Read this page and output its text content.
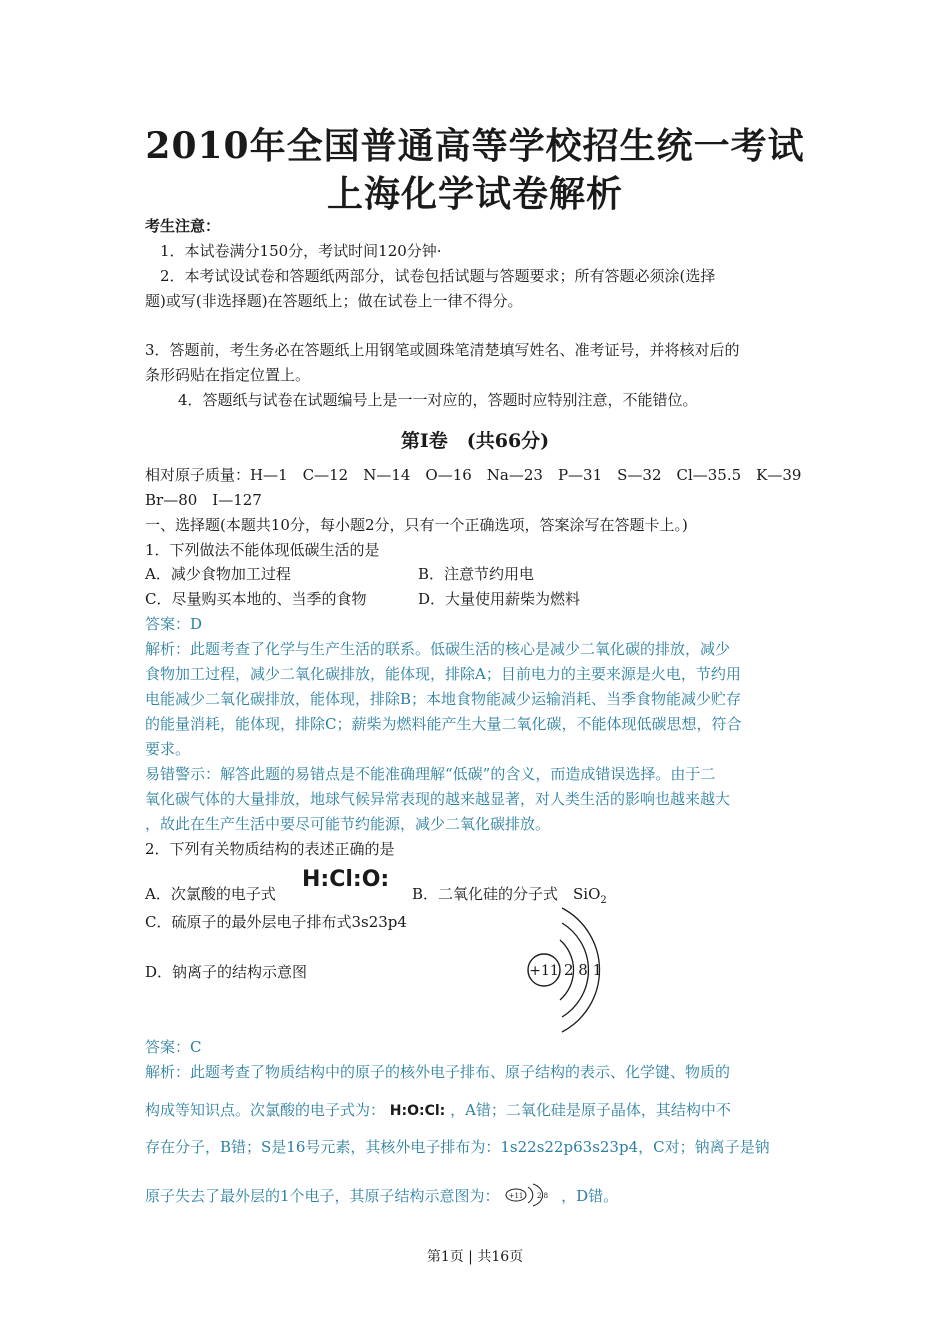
2010年全国普通高等学校招生统一考试
上海化学试卷解析
考生注意：
1．本试卷满分150分，考试时间120分钟·
2．本考试设试卷和答题纸两部分，试卷包括试题与答题要求；所有答题必须涂(选择
题)或写(非选择题)在答题纸上；做在试卷上一律不得分。
3．答题前，考生务必在答题纸上用钢笔或圆珠笔清楚填写姓名、准考证号，并将核对后的
条形码贴在指定位置上。
4．答题纸与试卷在试题编号上是一一对应的，答题时应特别注意，不能错位。
第Ⅰ卷　(共66分)
相对原子质量：H—1　C—12　N—14　O—16　Na—23　P—31　S—32　Cl—35.5　K—39
Br—80　I—127
一、选择题(本题共10分，每小题2分，只有一个正确选项，答案涂写在答题卡上。)
1．下列做法不能体现低碳生活的是
A．减少食物加工过程	B．注意节约用电
C．尽量购买本地的、当季的食物	D．大量使用薪柴为燃料
答案：D
解析：此题考查了化学与生产生活的联系。低碳生活的核心是减少二氧化碳的排放，减少
食物加工过程，减少二氧化碳排放，能体现，排除A；目前电力的主要来源是火电，节约用
电能减少二氧化碳排放，能体现，排除B；本地食物能减少运输消耗、当季食物能减少贮存
的能量消耗，能体现，排除C；薪柴为燃料能产生大量二氧化碳，不能体现低碳思想，符合
要求。
易错警示：解答此题的易错点是不能准确理解“低碳”的含义，而造成错误选择。由于二
氧化碳气体的大量排放，地球气候异常表现的越来越显著，对人类生活的影响也越来越大
，故此在生产生活中要尽可能节约能源，减少二氧化碳排放。
2．下列有关物质结构的表述正确的是
A．次氯酸的电子式
H:Cl:O:
B．二氧化硅的分子式　SiO$_2$
C．硫原子的最外层电子排布式3s23p4
D．钠离子的结构示意图	+11 2 8 1
答案：C
解析：此题考查了物质结构中的原子的核外电子排布、原子结构的表示、化学键、物质的
构成等知识点。次氯酸的电子式为： H:O:Cl: ，A错；二氧化硅是原子晶体，其结构中不
存在分子，B错；S是16号元素，其核外电子排布为：1s22s22p63s23p4，C对；钠离子是钠
原子失去了最外层的1个电子，其原子结构示意图为： +11 2 8 ，D错。
第1页 | 共16页
